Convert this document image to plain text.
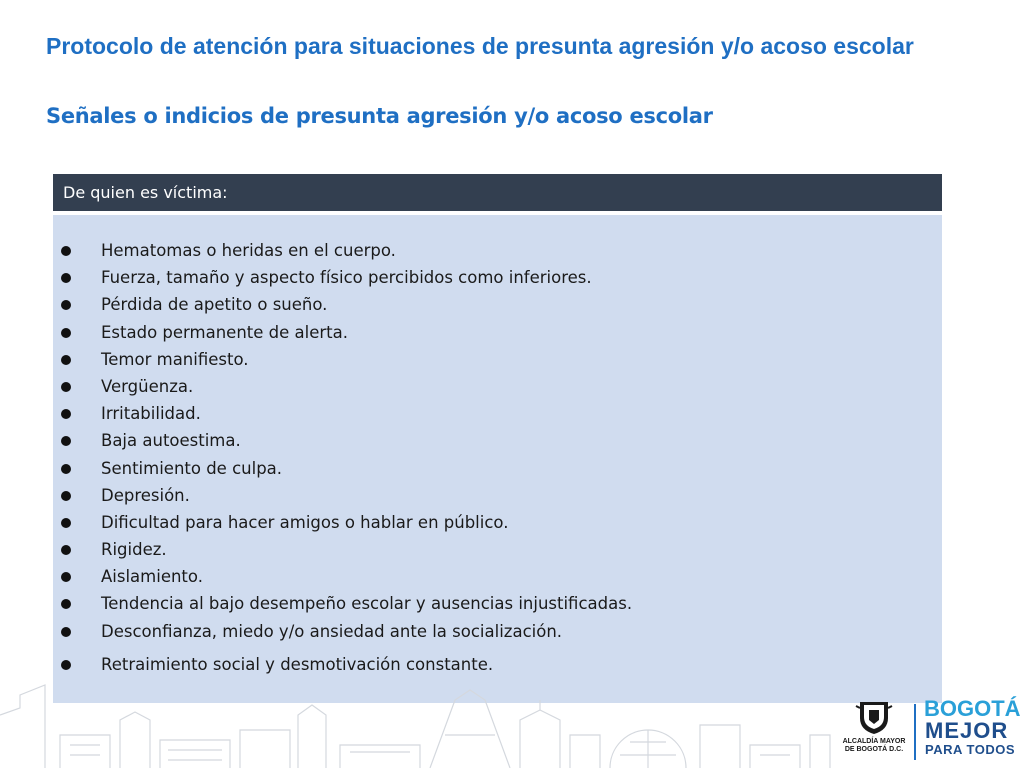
Protocolo de atención para situaciones de presunta agresión y/o acoso escolar
Señales o indicios de presunta agresión y/o acoso escolar
De quien es víctima:
Hematomas o heridas en el cuerpo.
Fuerza, tamaño y aspecto físico percibidos como inferiores.
Pérdida de apetito o sueño.
Estado permanente de alerta.
Temor manifiesto.
Vergüenza.
Irritabilidad.
Baja autoestima.
Sentimiento de culpa.
Depresión.
Dificultad para hacer amigos o hablar en público.
Rigidez.
Aislamiento.
Tendencia al bajo desempeño escolar y ausencias injustificadas.
Desconfianza, miedo y/o ansiedad ante la socialización.
Retraimiento social y desmotivación constante.
ALCALDÍA MAYOR
DE BOGOTÁ D.C.
BOGOTÁ
MEJOR
PARA TODOS
